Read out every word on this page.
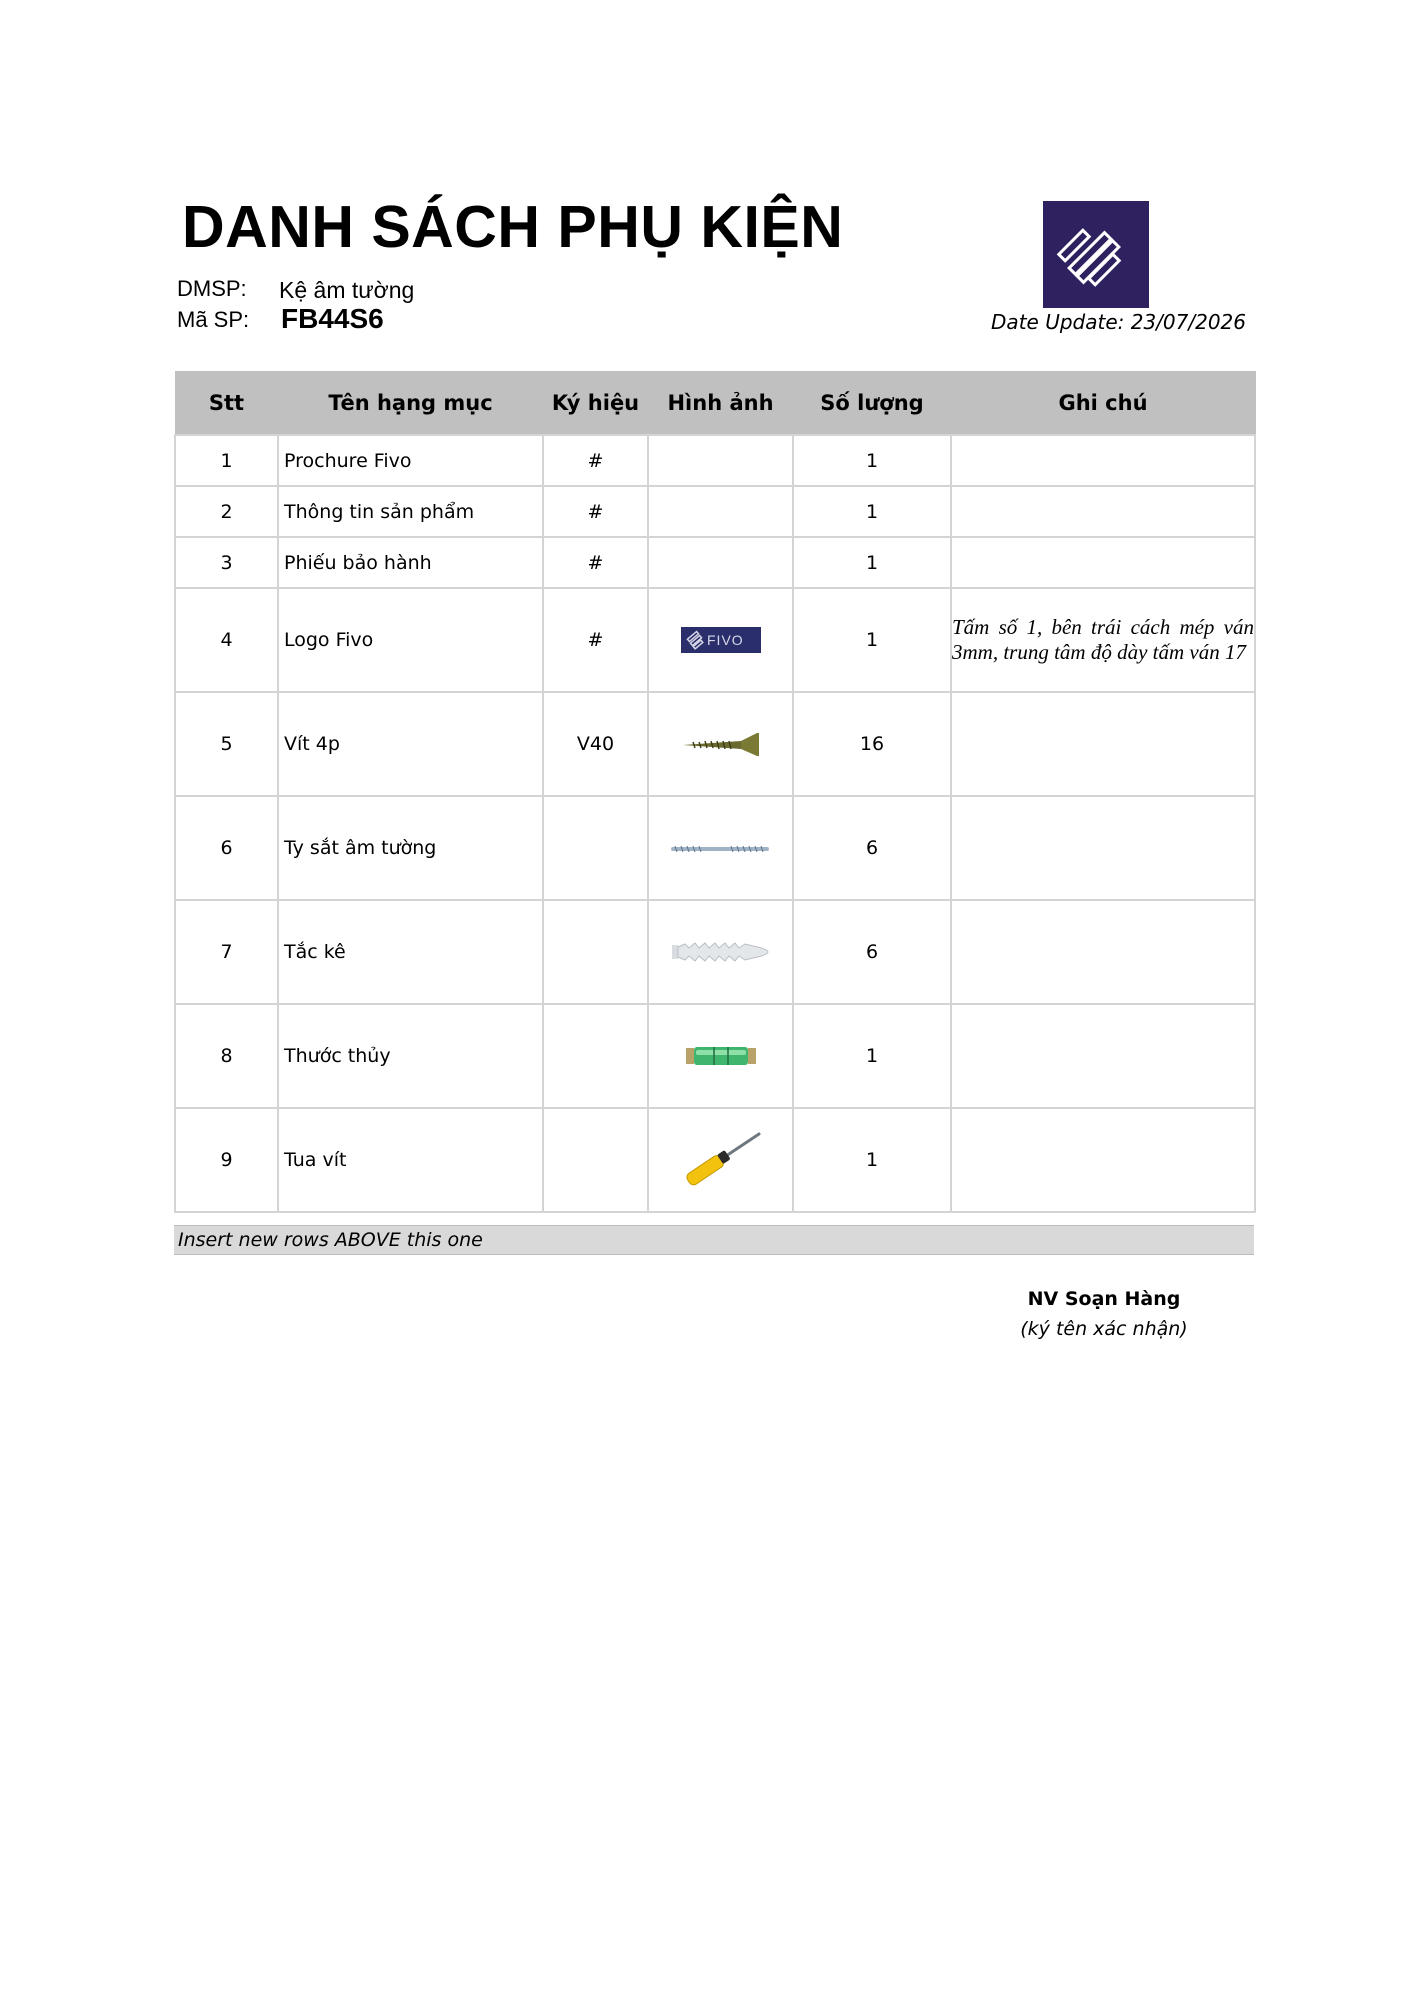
DANH SÁCH PHỤ KIỆN
DMSP: Kệ âm tường
Mã SP: FB44S6	Date Update: 23/07/2026
Stt	Tên hạng mục	Ký hiệu	Hình ảnh	Số lượng	Ghi chú
1	Prochure Fivo	#		1	
2	Thông tin sản phẩm	#		1	
3	Phiếu bảo hành	#		1	
4	Logo Fivo	#	FIVO	1	Tấm số 1, bên trái cách mép ván 3mm, trung tâm độ dày tấm ván 17
5	Vít 4p	V40		16	
6	Ty sắt âm tường			6	
7	Tắc kê			6	
8	Thước thủy			1	
9	Tua vít			1	
Insert new rows ABOVE this one
NV Soạn Hàng
(ký tên xác nhận)
